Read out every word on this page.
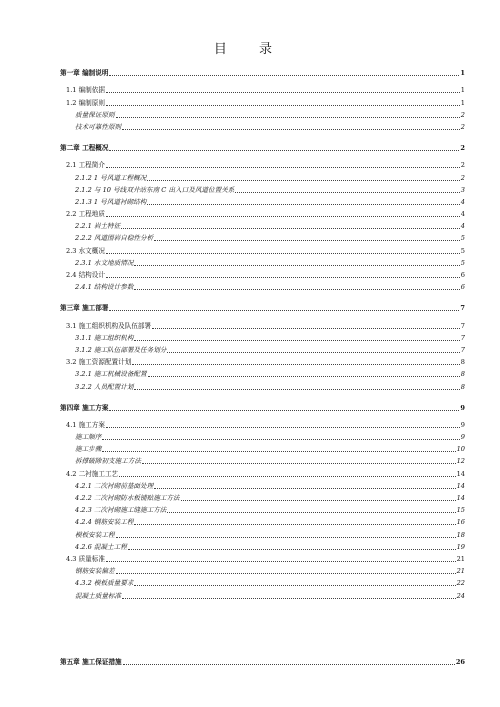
目 录
第一章 编制说明	1
1.1 编制依据	1
1.2 编制原则	1
质量保证原则	2
技术可靠性原则	2
第二章 工程概况	2
2.1 工程简介	2
2.1.2 1 号风道工程概况	2
2.1.2 与 10 号线双井站东南 C 出入口及风道位置关系	3
2.1.3 1 号风道衬砌结构	4
2.2 工程地质	4
2.2.1 岩土特征	4
2.2.2 风道围岩自稳性分析	5
2.3 水文概况	5
2.3.1 水文地质情况	5
2.4 结构设计	6
2.4.1 结构设计参数	6
第三章 施工部署	7
3.1 施工组织机构及队伍部署	7
3.1.1 施工组织机构	7
3.1.2 施工队伍部署及任务划分	7
3.2 施工资源配置计划	8
3.2.1 施工机械设备配置	8
3.2.2 人员配置计划	8
第四章 施工方案	9
4.1 施工方案	9
施工顺序	9
施工步骤	10
拆撑破除初支施工方法	12
4.2 二衬施工工艺	14
4.2.1 二次衬砌前基面处理	14
4.2.2 二次衬砌防水板铺贴施工方法	14
4.2.3 二次衬砌施工缝施工方法	15
4.2.4 钢筋安装工程	16
模板安装工程	18
4.2.6 混凝土工程	19
4.3 质量标准	21
钢筋安装偏差	21
4.3.2 模板质量要求	22
混凝土质量标准	24
第五章 施工保证措施	26
